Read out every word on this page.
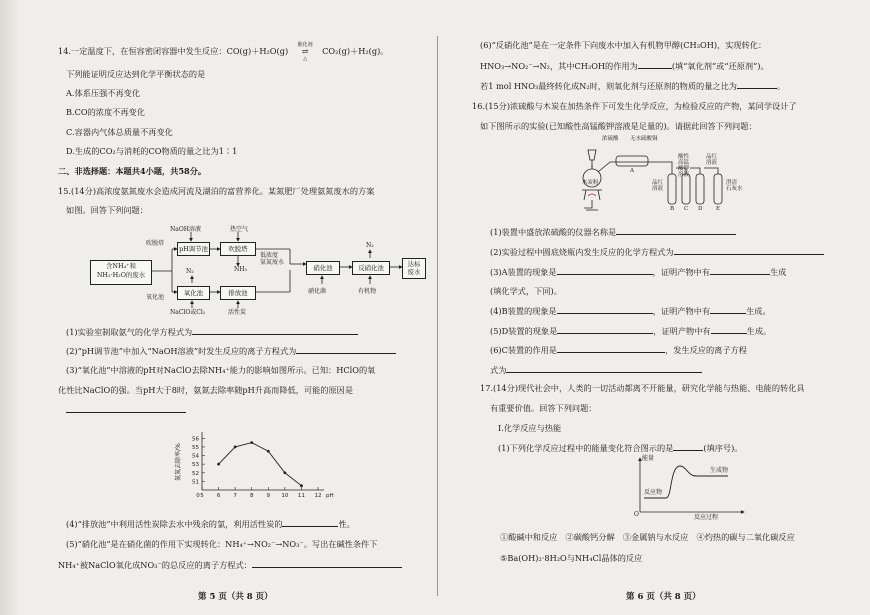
14.一定温度下，在恒容密闭容器中发生反应：CO(g)＋H₂O(g)
催化剂
⇌
△
CO₂(g)＋H₂(g)。
下列能证明反应达到化学平衡状态的是
A.体系压强不再变化
B.CO的浓度不再变化
C.容器内气体总质量不再变化
D.生成的CO₂与消耗的CO物质的量之比为1∶1
二、非选择题：本题共4小题，共58分。
15.(14分)高浓度氨氮废水会造成河流及湖泊的富营养化。某氮肥厂处理氨氮废水的方案
如图。回答下列问题：
NaOH溶液	热空气
吹脱塔
pH调节池	吹脱塔
NH₃
含NH₄⁺和
NH₃·H₂O的废水	N₂
低浓度
氨氮废水
硝化池	反硝化池
N₂
达标
废水
氧化池
氧化池	排放池	硝化菌	有机物
NaClO或Cl₂	活性炭
(1)实验室制取氨气的化学方程式为
(2)“pH调节池”中加入“NaOH溶液”时发生反应的离子方程式为
(3)“氧化池”中溶液的pH对NaClO去除NH₄⁺能力的影响如图所示。已知：HClO的氧
化性比NaClO的强。当pH大于8时，氨氮去除率随pH升高而降低，可能的原因是
51
52
53
54
55
56
5 6 7 8 9 10 11 12
0	pH
氨氮去除率/%
(4)“排放池”中利用活性炭除去水中残余的氯，利用活性炭的	性。
(5)“硝化池”是在硝化菌的作用下实现转化：NH₄⁺→NO₂⁻→NO₃⁻。写出在碱性条件下
NH₄⁺被NaClO氧化成NO₃⁻的总反应的离子方程式：
第 5 页（共 8 页）
(6)“反硝化池”是在一定条件下向废水中加入有机物甲醇(CH₃OH)，实现转化：
HNO₃→NO₂⁻→N₂，其中CH₃OH的作用为	(填“氧化剂”或“还原剂”)。
若1 mol HNO₃最终转化成N₂时，则氧化剂与还原剂的物质的量之比为	。
16.(15分)浓硫酸与木炭在加热条件下可发生化学反应，为检验反应的产物，某同学设计了
如下图所示的实验(已知酸性高锰酸钾溶液是足量的)。请据此回答下列问题：
浓硫酸 无水硫酸铜
A
木炭粉	品红
溶液
酸性
高锰
酸钾
溶液
品红
溶液
澄清
石灰水
B C D E
(1)装置中盛放浓硫酸的仪器名称是
(2)实验过程中圆底烧瓶内发生反应的化学方程式为
(3)A装置的现象是	，证明产物中有	生成
(填化学式，下同)。
(4)B装置的现象是	，证明产物中有	生成。
(5)D装置的现象是	，证明产物中有	生成。
(6)C装置的作用是	，发生反应的离子方程
式为
17.(14分)现代社会中，人类的一切活动都离不开能量，研究化学能与热能、电能的转化具
有重要价值。回答下列问题：
Ⅰ.化学反应与热能
(1)下列化学反应过程中的能量变化符合图示的是	(填序号)。
能量
生成物
反应物
O	反应过程
①酸碱中和反应　②碳酸钙分解　③金属钠与水反应　④灼热的碳与二氧化碳反应
⑤Ba(OH)₂·8H₂O与NH₄Cl晶体的反应
第 6 页（共 8 页）
